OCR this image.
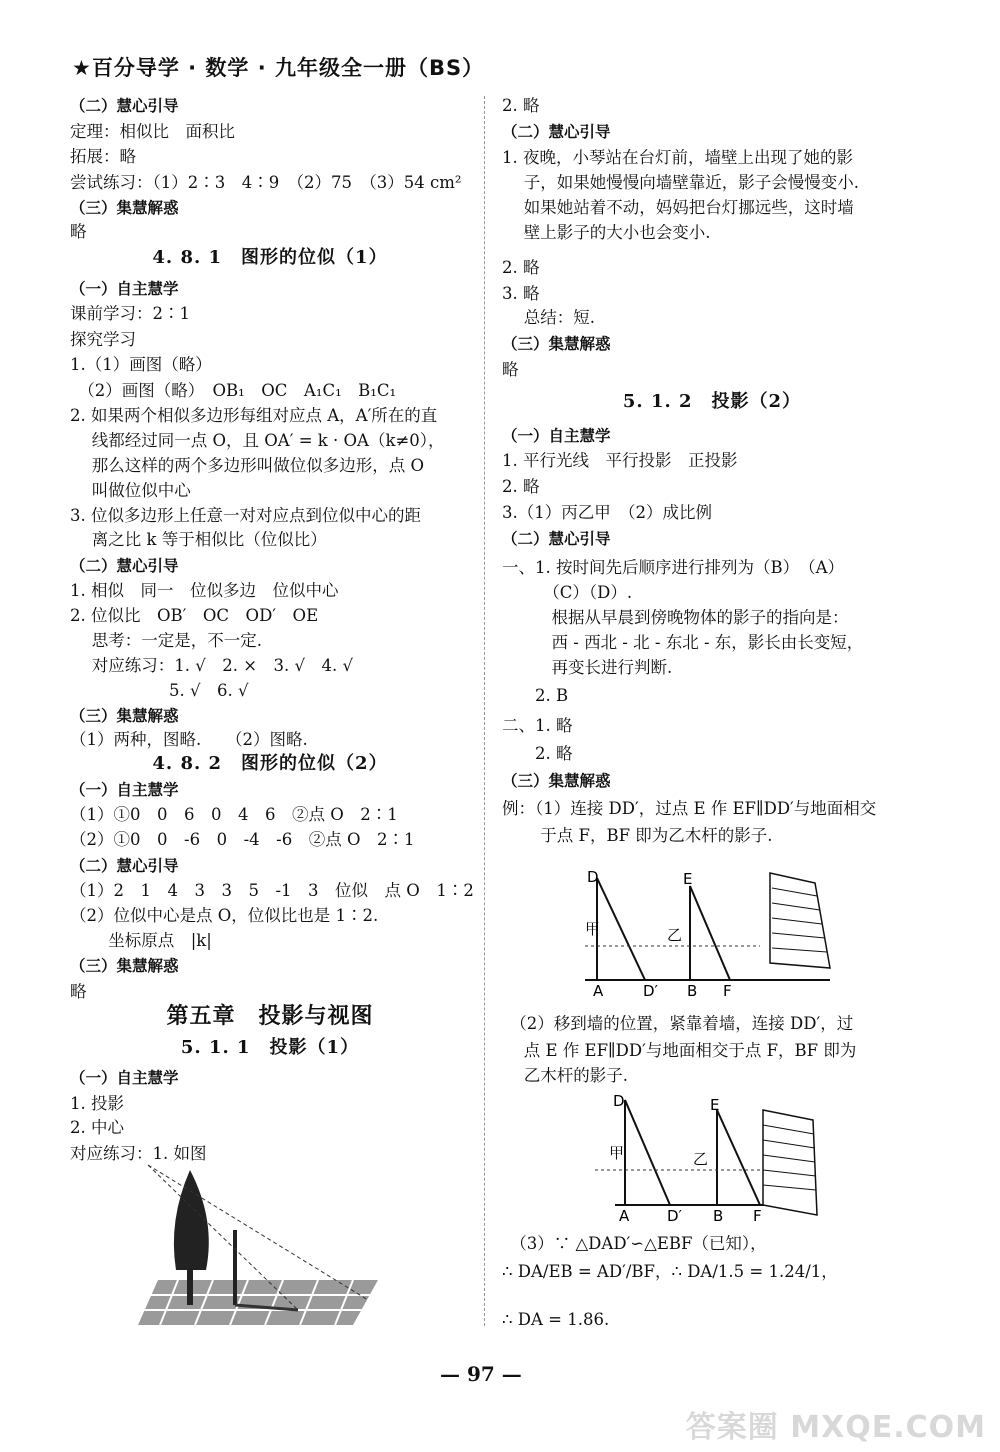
★百分导学 · 数学 · 九年级全一册（BS）
（二）慧心引导
定理：相似比　面积比
拓展：略
尝试练习：（1）2∶3　4∶9　（2）75　（3）54 cm²
（三）集慧解惑
略
4. 8. 1　图形的位似（1）
（一）自主慧学
课前学习：2∶1
探究学习
1.（1）画图（略）
　（2）画图（略）　OB₁　OC　A₁C₁　B₁C₁
2. 如果两个相似多边形每组对应点 A，A′所在的直
　 线都经过同一点 O，且 OA′ = k · OA（k≠0），
　 那么这样的两个多边形叫做位似多边形，点 O
　 叫做位似中心
3. 位似多边形上任意一对对应点到位似中心的距
　 离之比 k 等于相似比（位似比）
（二）慧心引导
1. 相似　同一　位似多边　位似中心
2. 位似比　OB′　OC　OD′　OE
　 思考：一定是，不一定.
　 对应练习：1. √　2. ×　3. √　4. √
　　　　　　5. √　6. √
（三）集慧解惑
（1）两种，图略.　　（2）图略.
4. 8. 2　图形的位似（2）
（一）自主慧学
（1）①0　0　6　0　4　6　②点 O　2∶1
（2）①0　0　-6　0　-4　-6　②点 O　2∶1
（二）慧心引导
（1）2　1　4　3　3　5　-1　3　位似　点 O　1∶2
（2）位似中心是点 O，位似比也是 1∶2.
　　 坐标原点　|k|
（三）集慧解惑
略
第五章　投影与视图
5. 1. 1　投影（1）
（一）自主慧学
1. 投影
2. 中心
对应练习：1. 如图
2. 略
（二）慧心引导
1. 夜晚，小琴站在台灯前，墙壁上出现了她的影
　 子，如果她慢慢向墙壁靠近，影子会慢慢变小.
　 如果她站着不动，妈妈把台灯挪远些，这时墙
　 壁上影子的大小也会变小.
2. 略
3. 略
　 总结：短.
（三）集慧解惑
略
5. 1. 2　投影（2）
（一）自主慧学
1. 平行光线　平行投影　正投影
2. 略
3.（1）丙乙甲　（2）成比例
（二）慧心引导
一、1. 按时间先后顺序进行排列为（B）　（A）
　　　（C）（D）.
　　　根据从早晨到傍晚物体的影子的指向是：
　　　西 - 西北 - 北 - 东北 - 东，影长由长变短，
　　　再变长进行判断.
　　2. B
二、1. 略
　　2. 略
（三）集慧解惑
例：（1）连接 DD′，过点 E 作 EF∥DD′与地面相交
　　 于点 F，BF 即为乙木杆的影子.
　（2）移到墙的位置，紧靠着墙，连接 DD′，过
　 点 E 作 EF∥DD′与地面相交于点 F，BF 即为
　 乙木杆的影子.
　（3）∵ △DAD′∽△EBF（已知），
∴ DA/EB = AD′/BF，∴ DA/1.5 = 1.24/1，
∴ DA = 1.86.
D	E
甲	乙
A	D′ B F
D	E
甲	乙
A	D′ B F
— 97 —
答案圈 MXQE.COM
